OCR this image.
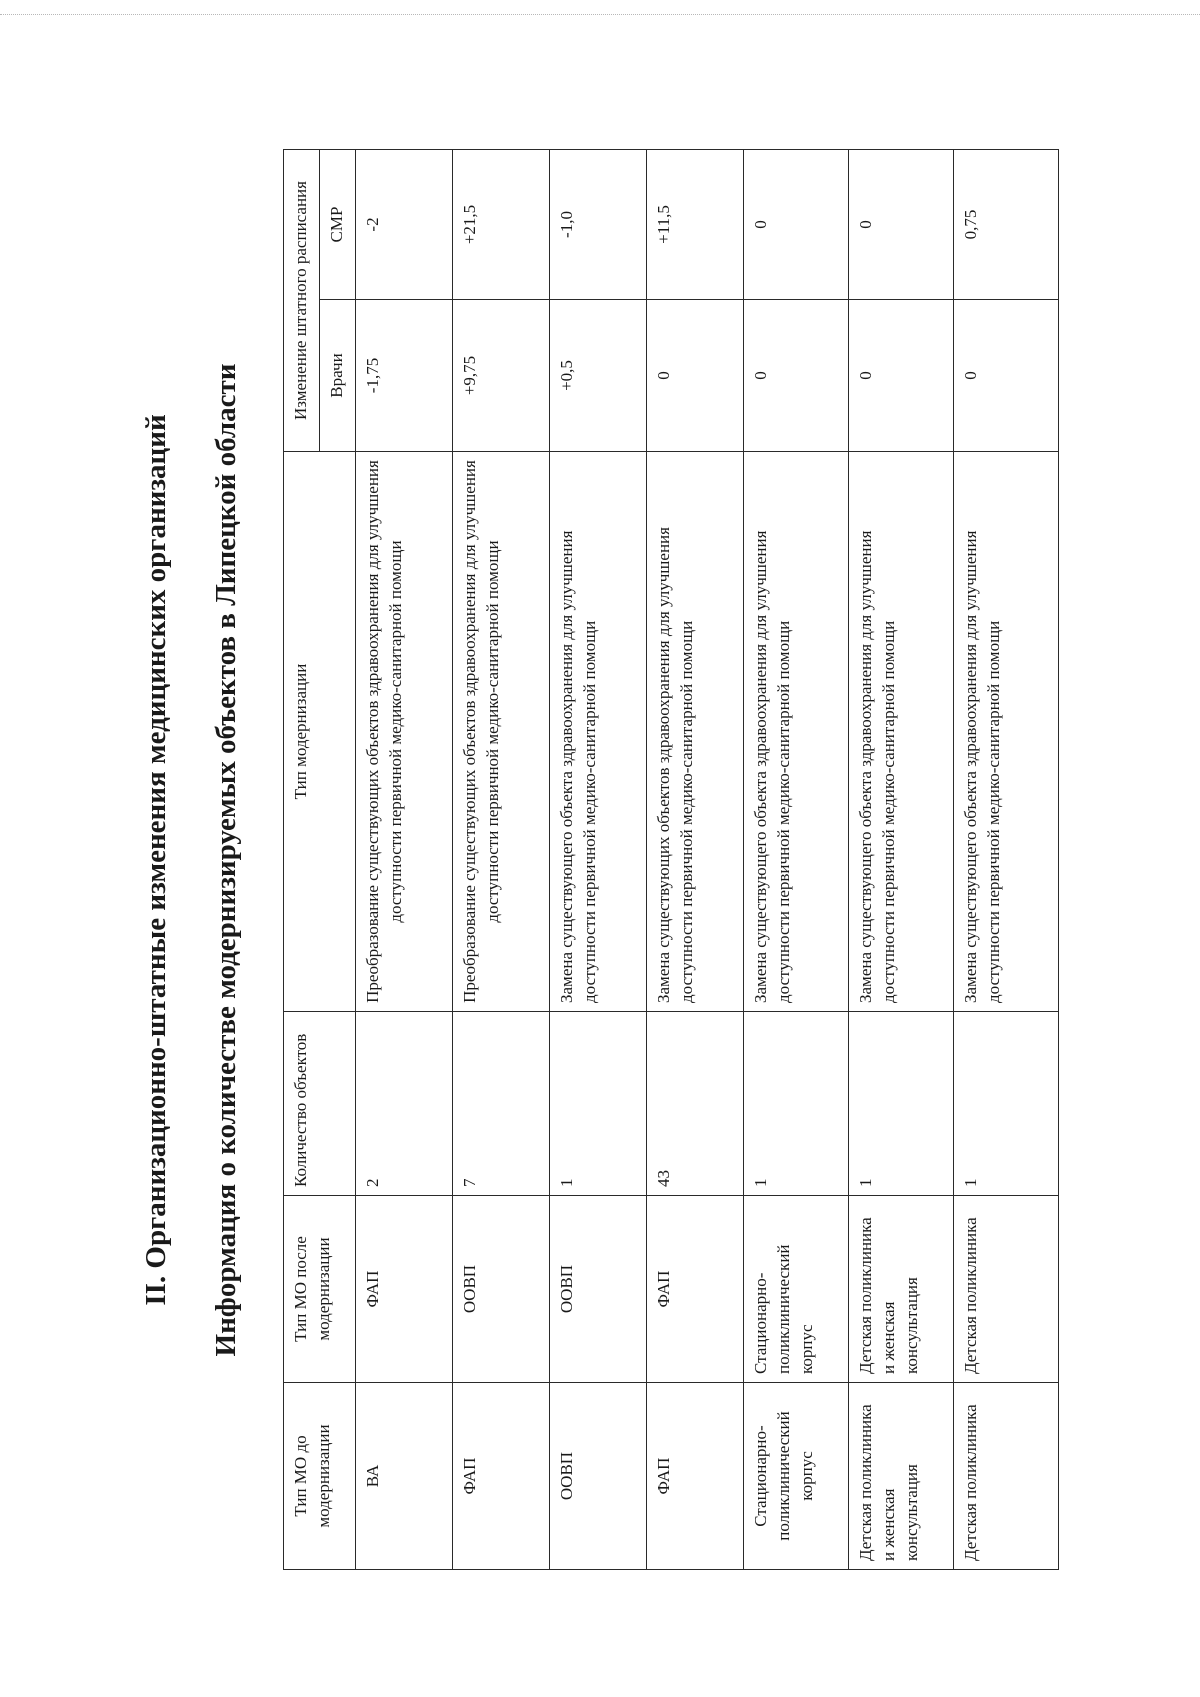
II. Организационно-штатные изменения медицинских организаций Информация о количестве модернизируемых объектов в Липецкой области
Тип МО до модернизации	Тип МО после модернизации	Количество объектов	Тип модернизации	Изменение штатного расписания	
				Врачи	СМР
ВА	ФАП	2	Преобразование существующих объектов здравоохранения для улучшения доступности первичной медико-санитарной помощи	-1,75	-2
ФАП	ООВП	7	Преобразование существующих объектов здравоохранения для улучшения доступности первичной медико-санитарной помощи	+9,75	+21,5
ООВП	ООВП	1	Замена существующего объекта здравоохранения для улучшения доступности первичной медико-санитарной помощи	+0,5	-1,0
ФАП	ФАП	43	Замена существующих объектов здравоохранения для улучшения доступности первичной медико-санитарной помощи	0	+11,5
Стационарно-поликлинический корпус	Стационарно-поликлинический корпус	1	Замена существующего объекта здравоохранения для улучшения доступности первичной медико-санитарной помощи	0	0
Детская поликлиника и женская консультация	Детская поликлиника и женская консультация	1	Замена существующего объекта здравоохранения для улучшения доступности первичной медико-санитарной помощи	0	0
Детская поликлиника	Детская поликлиника	1	Замена существующего объекта здравоохранения для улучшения доступности первичной медико-санитарной помощи	0	0,75
